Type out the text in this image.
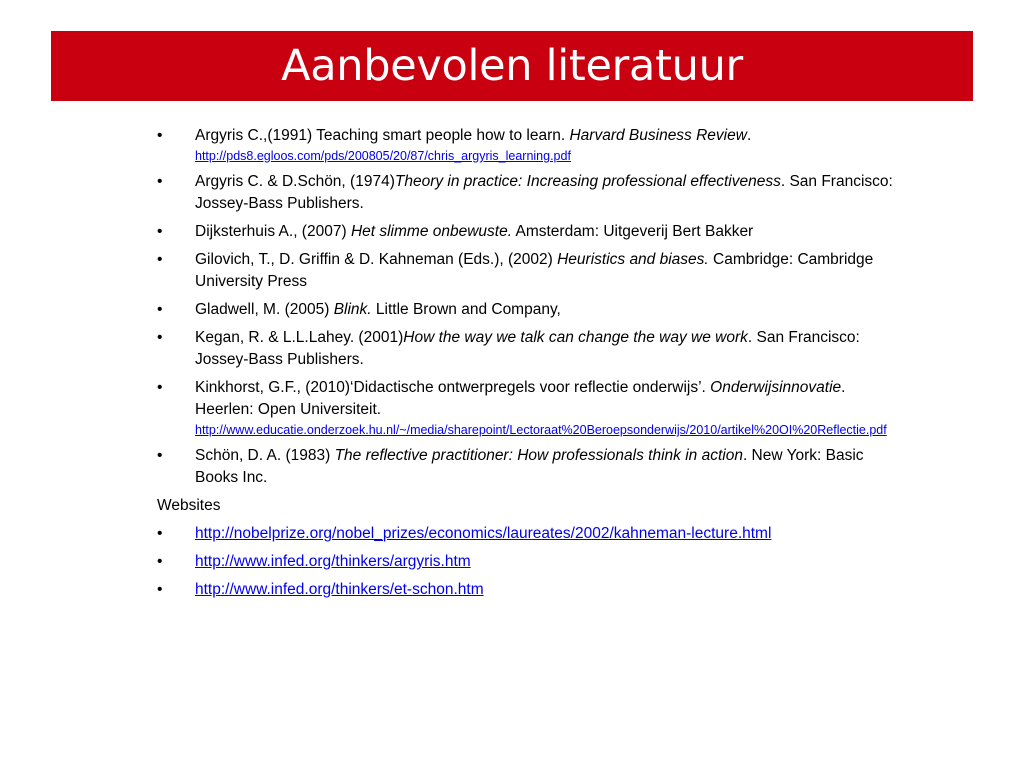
Aanbevolen literatuur
•	Argyris C.,(1991) Teaching smart people how to learn. Harvard Business Review.
http://pds8.egloos.com/pds/200805/20/87/chris_argyris_learning.pdf
•	Argyris C. & D.Schön, (1974)Theory in practice: Increasing professional effectiveness. San Francisco: Jossey-Bass Publishers.
•	Dijksterhuis A., (2007) Het slimme onbewuste. Amsterdam: Uitgeverij Bert Bakker
•	Gilovich, T., D. Griffin & D. Kahneman (Eds.), (2002) Heuristics and biases. Cambridge: Cambridge University Press
•	Gladwell, M. (2005) Blink. Little Brown and Company,
•	Kegan, R. & L.L.Lahey. (2001)How the way we talk can change the way we work. San Francisco: Jossey-Bass Publishers.
•	Kinkhorst, G.F., (2010)‘Didactische ontwerpregels voor reflectie onderwijs’. Onderwijsinnovatie. Heerlen: Open Universiteit.
http://www.educatie.onderzoek.hu.nl/~/media/sharepoint/Lectoraat%20Beroepsonderwijs/2010/artikel%20OI%20Reflectie.pdf
•	Schön, D. A. (1983) The reflective practitioner: How professionals think in action. New York: Basic Books Inc.
Websites
•	http://nobelprize.org/nobel_prizes/economics/laureates/2002/kahneman-lecture.html
•	http://www.infed.org/thinkers/argyris.htm
•	http://www.infed.org/thinkers/et-schon.htm
